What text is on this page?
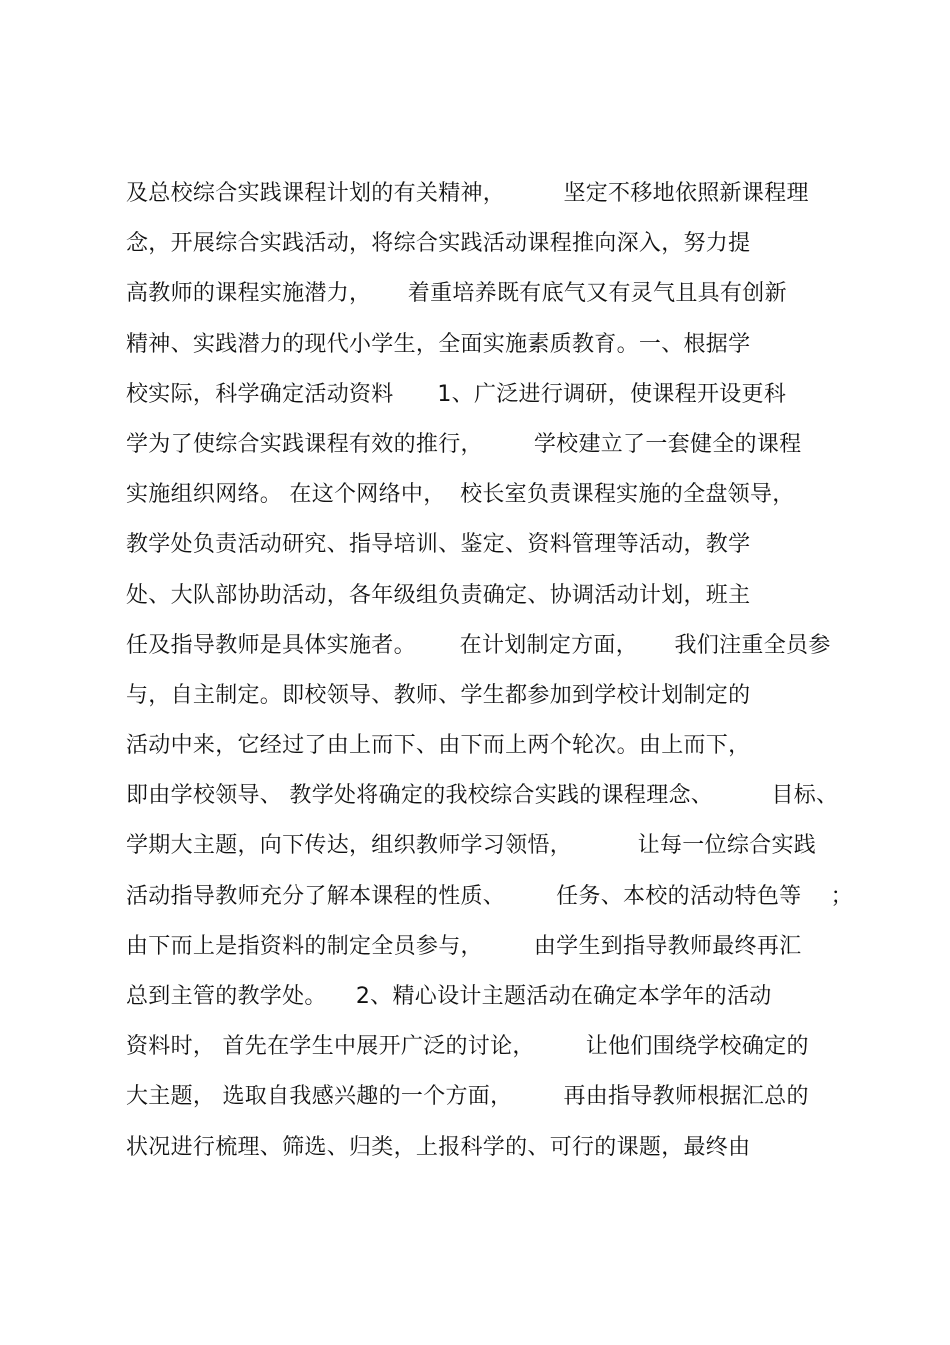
及总校综合实践课程计划的有关精神，        坚定不移地依照新课程理
念，开展综合实践活动，将综合实践活动课程推向深入，努力提
高教师的课程实施潜力，     着重培养既有底气又有灵气且具有创新
精神、实践潜力的现代小学生，全面实施素质教育。一、根据学
校实际，科学确定活动资料      1、广泛进行调研，使课程开设更科
学为了使综合实践课程有效的推行，       学校建立了一套健全的课程
实施组织网络。 在这个网络中，  校长室负责课程实施的全盘领导，
教学处负责活动研究、指导培训、鉴定、资料管理等活动，教学
处、大队部协助活动，各年级组负责确定、协调活动计划，班主
任及指导教师是具体实施者。      在计划制定方面，     我们注重全员参
与，自主制定。即校领导、教师、学生都参加到学校计划制定的
活动中来，它经过了由上而下、由下而上两个轮次。由上而下，
即由学校领导、 教学处将确定的我校综合实践的课程理念、        目标、
学期大主题，向下传达，组织教师学习领悟，         让每一位综合实践
活动指导教师充分了解本课程的性质、       任务、本校的活动特色等    ；
由下而上是指资料的制定全员参与，       由学生到指导教师最终再汇
总到主管的教学处。    2、精心设计主题活动在确定本学年的活动
资料时， 首先在学生中展开广泛的讨论，       让他们围绕学校确定的
大主题， 选取自我感兴趣的一个方面，       再由指导教师根据汇总的
状况进行梳理、筛选、归类，上报科学的、可行的课题，最终由
